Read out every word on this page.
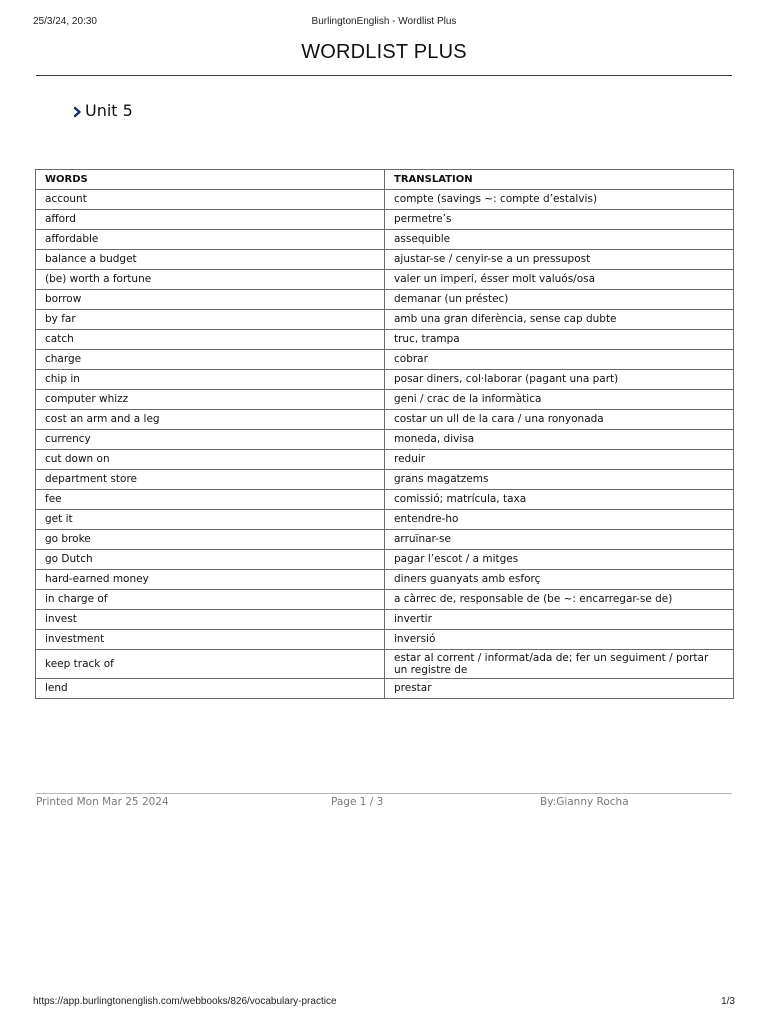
25/3/24, 20:30	BurlingtonEnglish - Wordlist Plus
WORDLIST PLUS
Unit 5
WORDS	TRANSLATION
account	compte (savings ~: compte d’estalvis)
afford	permetre’s
affordable	assequible
balance a budget	ajustar-se / cenyir-se a un pressupost
(be) worth a fortune	valer un imperi, ésser molt valuós/osa
borrow	demanar (un préstec)
by far	amb una gran diferència, sense cap dubte
catch	truc, trampa
charge	cobrar
chip in	posar diners, col·laborar (pagant una part)
computer whizz	geni / crac de la informàtica
cost an arm and a leg	costar un ull de la cara / una ronyonada
currency	moneda, divisa
cut down on	reduir
department store	grans magatzems
fee	comissió; matrícula, taxa
get it	entendre-ho
go broke	arruïnar-se
go Dutch	pagar l’escot / a mitges
hard-earned money	diners guanyats amb esforç
in charge of	a càrrec de, responsable de (be ~: encarregar-se de)
invest	invertir
investment	inversió
keep track of	estar al corrent / informat/ada de; fer un seguiment / portar un registre de
lend	prestar
Printed Mon Mar 25 2024	Page 1 / 3	By:Gianny Rocha
https://app.burlingtonenglish.com/webbooks/826/vocabulary-practice	1/3
